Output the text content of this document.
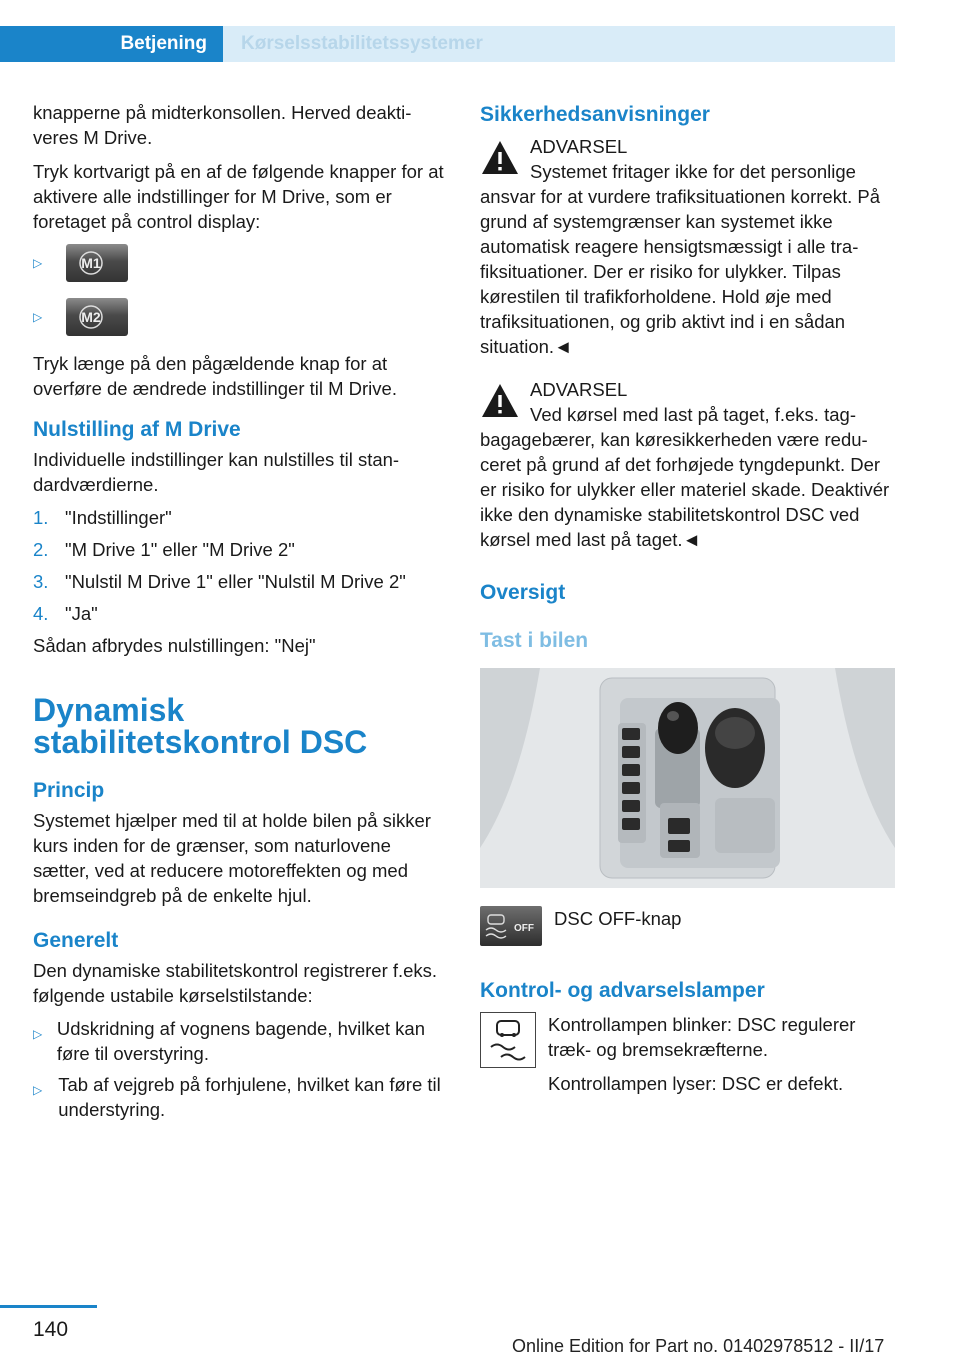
Betjening	Kørselsstabilitetssystemer

knapperne på midterkonsollen. Herved deaktiveres M Drive.

Tryk kortvarigt på en af de følgende knapper for at aktivere alle indstillinger for M Drive, som er foretaget på control display:

▷	M1
▷	M2

Tryk længe på den pågældende knap for at overføre de ændrede indstillinger til M Drive.

Nulstilling af M Drive

Individuelle indstillinger kan nulstilles til standardværdierne.

1. "Indstillinger"
2. "M Drive 1" eller "M Drive 2"
3. "Nulstil M Drive 1" eller "Nulstil M Drive 2"
4. "Ja"

Sådan afbrydes nulstillingen: "Nej"

Dynamisk stabilitetskontrol DSC
Princip

Systemet hjælper med til at holde bilen på sikker kurs inden for de grænser, som naturlovene sætter, ved at reducere motoreffekten og med bremseindgreb på de enkelte hjul.

Generelt

Den dynamiske stabilitetskontrol registrerer f.eks. følgende ustabile kørselstilstande:

▷ Udskridning af vognens bagende, hvilket kan føre til overstyring.
▷ Tab af vejgreb på forhjulene, hvilket kan føre til understyring.
Sikkerhedsanvisninger
ADVARSEL
Systemet fritager ikke for det personlige ansvar for at vurdere trafiksituationen korrekt. På grund af systemgrænser kan systemet ikke automatisk reagere hensigtsmæssigt i alle trafiksituationer. Der er risiko for ulykker. Tilpas kørestilen til trafikforholdene. Hold øje med trafiksituationen, og grib aktivt ind i en sådan situation.◄
ADVARSEL
Ved kørsel med last på taget, f.eks. tagbagagebærer, kan køresikkerheden være reduceret på grund af det forhøjede tyngdepunkt. Der er risiko for ulykker eller materiel skade. Deaktivér ikke den dynamiske stabilitetskontrol DSC ved kørsel med last på taget.◄
Oversigt
Tast i bilen
OFF DSC OFF-knap
Kontrol- og advarselslamper

Kontrollampen blinker: DSC regulerer træk- og bremsekræfterne.

Kontrollampen lyser: DSC er defekt.

140
Online Edition for Part no. 01402978512 - II/17
